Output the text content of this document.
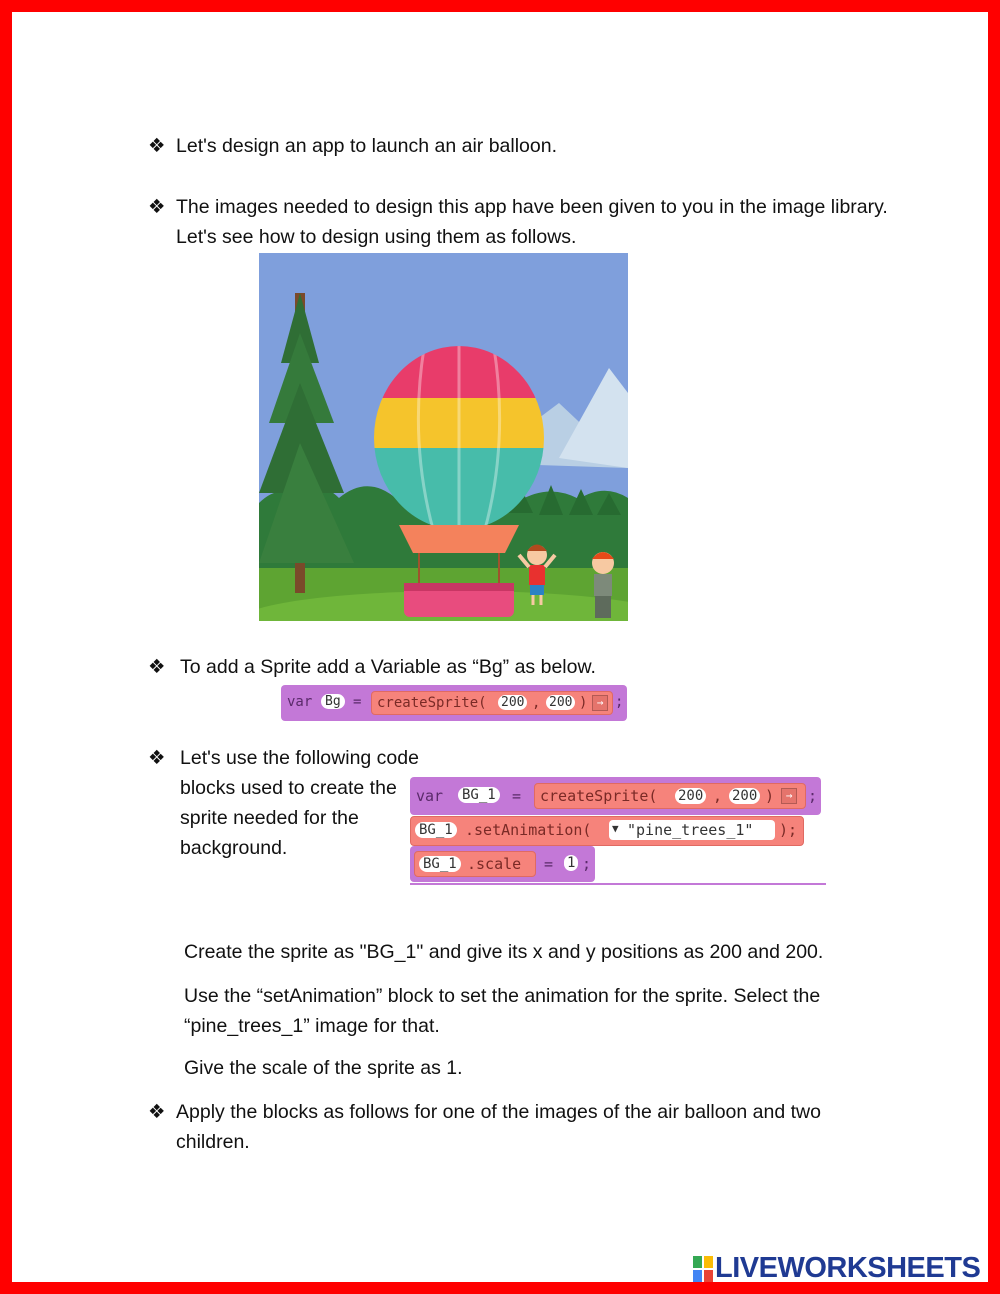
❖ Let's design an app to launch an air balloon.
❖ The images needed to design this app have been given to you in the image library. Let's see how to design using them as follows.
❖ To add a Sprite add a Variable as “Bg” as below.
var Bg = createSprite( 200 , 200 ) → ;
❖ Let's use the following code blocks used to create the sprite needed for the background.
var BG_1 = createSprite( 200 , 200 )	→	;
BG_1 .setAnimation( ▼ "pine_trees_1" );
BG_1 .scale = 1 ;
Create the sprite as "BG_1" and give its x and y positions as 200 and 200.
Use the “setAnimation” block to set the animation for the sprite. Select the “pine_trees_1” image for that.
Give the scale of the sprite as 1.
❖ Apply the blocks as follows for one of the images of the air balloon and two children.
LIVEWORKSHEETS
